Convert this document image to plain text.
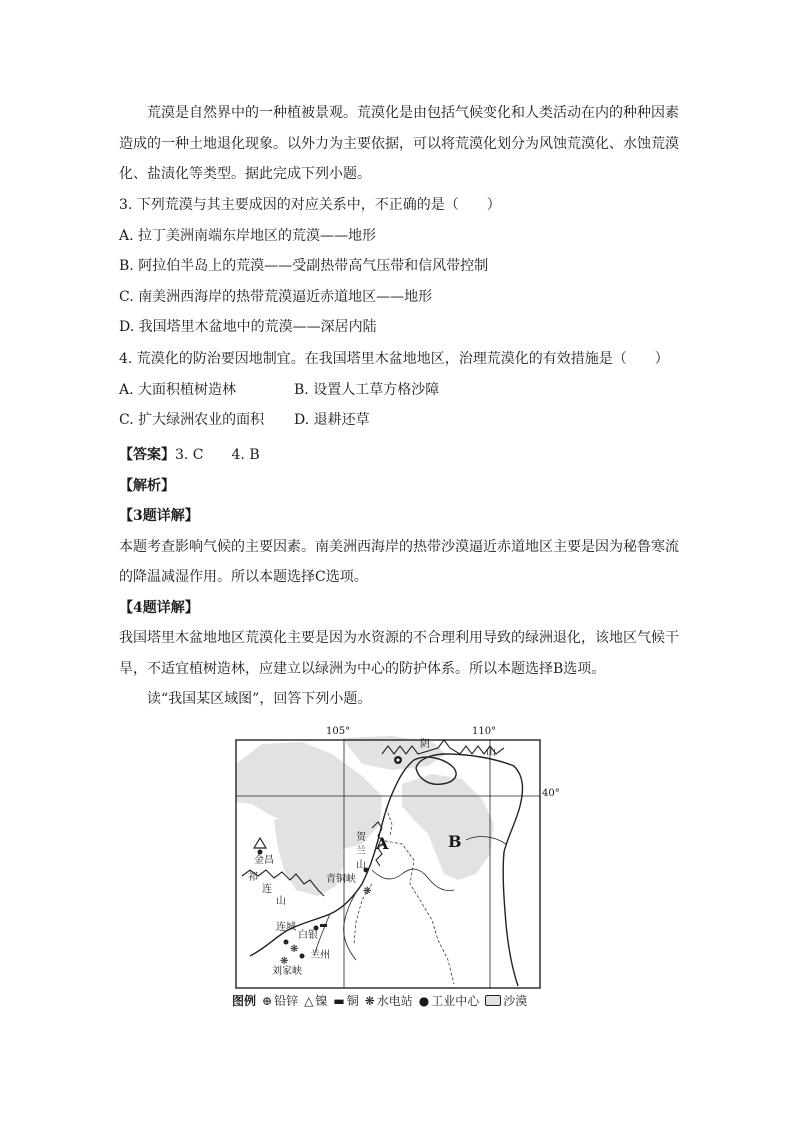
荒漠是自然界中的一种植被景观。荒漠化是由包括气候变化和人类活动在内的种种因素
造成的一种土地退化现象。以外力为主要依据，可以将荒漠化划分为风蚀荒漠化、水蚀荒漠
化、盐渍化等类型。据此完成下列小题。
3. 下列荒漠与其主要成因的对应关系中，不正确的是（　　）
A. 拉丁美洲南端东岸地区的荒漠——地形
B. 阿拉伯半岛上的荒漠——受副热带高气压带和信风带控制
C. 南美洲西海岸的热带荒漠逼近赤道地区——地形
D. 我国塔里木盆地中的荒漠——深居内陆
4. 荒漠化的防治要因地制宜。在我国塔里木盆地地区，治理荒漠化的有效措施是（　　）
A. 大面积植树造林	B. 设置人工草方格沙障
C. 扩大绿洲农业的面积	D. 退耕还草
【答案】3. C　　4. B
【解析】
【3题详解】
本题考查影响气候的主要因素。南美洲西海岸的热带沙漠逼近赤道地区主要是因为秘鲁寒流
的降温减湿作用。所以本题选择C选项。
【4题详解】
我国塔里木盆地地区荒漠化主要是因为水资源的不合理利用导致的绿洲退化，该地区气候干
旱，不适宜植树造林，应建立以绿洲为中心的防护体系。所以本题选择B选项。
读“我国某区域图”，回答下列小题。
❋
❋
❋
105°	110°
40°
阴
山
A	B
贺
兰
山
青铜峡
金昌
祁
连
山
连城
白银
兰州
刘家峡
图例 ⊕ 铅锌 △ 镍 ▬ 铜 ❋ 水电站 ● 工业中心 沙漠
